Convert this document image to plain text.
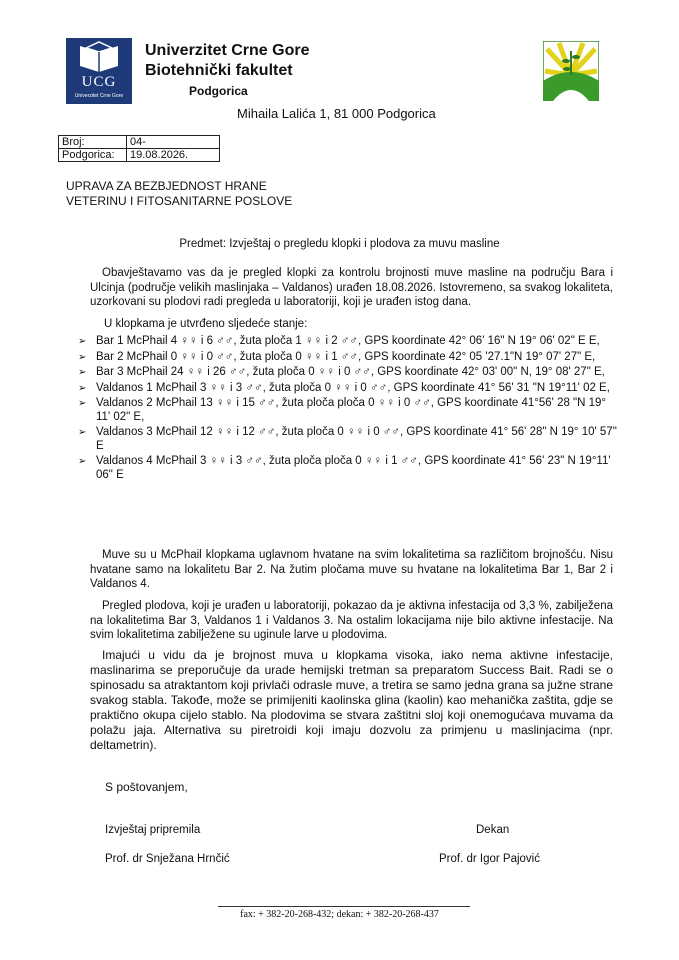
UCG
Univerzitet Crne Gore
Univerzitet Crne Gore
Biotehnički fakultet
Podgorica
Mihaila Lalića 1, 81 000 Podgorica
Broj:	04-
Podgorica:	19.08.2026.
UPRAVA ZA BEZBJEDNOST HRANE
VETERINU I FITOSANITARNE POSLOVE
Predmet: Izvještaj o pregledu klopki i plodova za muvu masline
Obavještavamo vas da je pregled klopki za kontrolu brojnosti muve masline na području Bara i Ulcinja (područje velikih maslinjaka – Valdanos) urađen 18.08.2026. Istovremeno, sa svakog lokaliteta, uzorkovani su plodovi radi pregleda u laboratoriji, koji je urađen istog dana.
U klopkama je utvrđeno sljedeće stanje:
➢ Bar 1 McPhail 4 ♀♀ i 6 ♂♂, žuta ploča 1 ♀♀ i 2 ♂♂, GPS koordinate 42° 06' 16" N 19° 06' 02" E E,
➢ Bar 2 McPhail 0 ♀♀ i 0 ♂♂, žuta ploča 0 ♀♀ i 1 ♂♂, GPS koordinate 42° 05 '27.1"N 19° 07' 27" E,
➢ Bar 3 McPhail 24 ♀♀ i 26 ♂♂, žuta ploča 0 ♀♀ i 0 ♂♂, GPS koordinate 42° 03' 00" N, 19° 08' 27" E,
➢ Valdanos 1 McPhail 3 ♀♀ i 3 ♂♂, žuta ploča 0 ♀♀ i 0 ♂♂, GPS koordinate 41° 56' 31 "N 19°11' 02 E,
➢ Valdanos 2 McPhail 13 ♀♀ i 15 ♂♂, žuta ploča ploča 0 ♀♀ i 0 ♂♂, GPS koordinate 41°56' 28 "N 19° 11' 02" E,
➢ Valdanos 3 McPhail 12 ♀♀ i 12 ♂♂, žuta ploča 0 ♀♀ i 0 ♂♂, GPS koordinate 41° 56' 28" N 19° 10' 57" E
➢ Valdanos 4 McPhail 3 ♀♀ i 3 ♂♂, žuta ploča ploča 0 ♀♀ i 1 ♂♂, GPS koordinate 41° 56' 23" N 19°11' 06" E
Muve su u McPhail klopkama uglavnom hvatane na svim lokalitetima sa različitom brojnošću. Nisu hvatane samo na lokalitetu Bar 2. Na žutim pločama muve su hvatane na lokalitetima Bar 1, Bar 2 i Valdanos 4.
Pregled plodova, koji je urađen u laboratoriji, pokazao da je aktivna infestacija od 3,3 %, zabilježena na lokalitetima Bar 3, Valdanos 1 i Valdanos 3. Na ostalim lokacijama nije bilo aktivne infestacije. Na svim lokalitetima zabilježene su uginule larve u plodovima.
Imajući u vidu da je brojnost muva u klopkama visoka, iako nema aktivne infestacije, maslinarima se preporučuje da urade hemijski tretman sa preparatom Success Bait. Radi se o spinosadu sa atraktantom koji privlači odrasle muve, a tretira se samo jedna grana sa južne strane svakog stabla. Takođe, može se primijeniti kaolinska glina (kaolin) kao mehanička zaštita, gdje se praktično okupa cijelo stablo. Na plodovima se stvara zaštitni sloj koji onemogućava muvama da polažu jaja. Alternativa su piretroidi koji imaju dozvolu za primjenu u maslinjacima (npr. deltametrin).
S poštovanjem,
Izvještaj pripremila	Dekan
Prof. dr Snježana Hrnčić	Prof. dr Igor Pajović
fax: + 382-20-268-432; dekan: + 382-20-268-437
